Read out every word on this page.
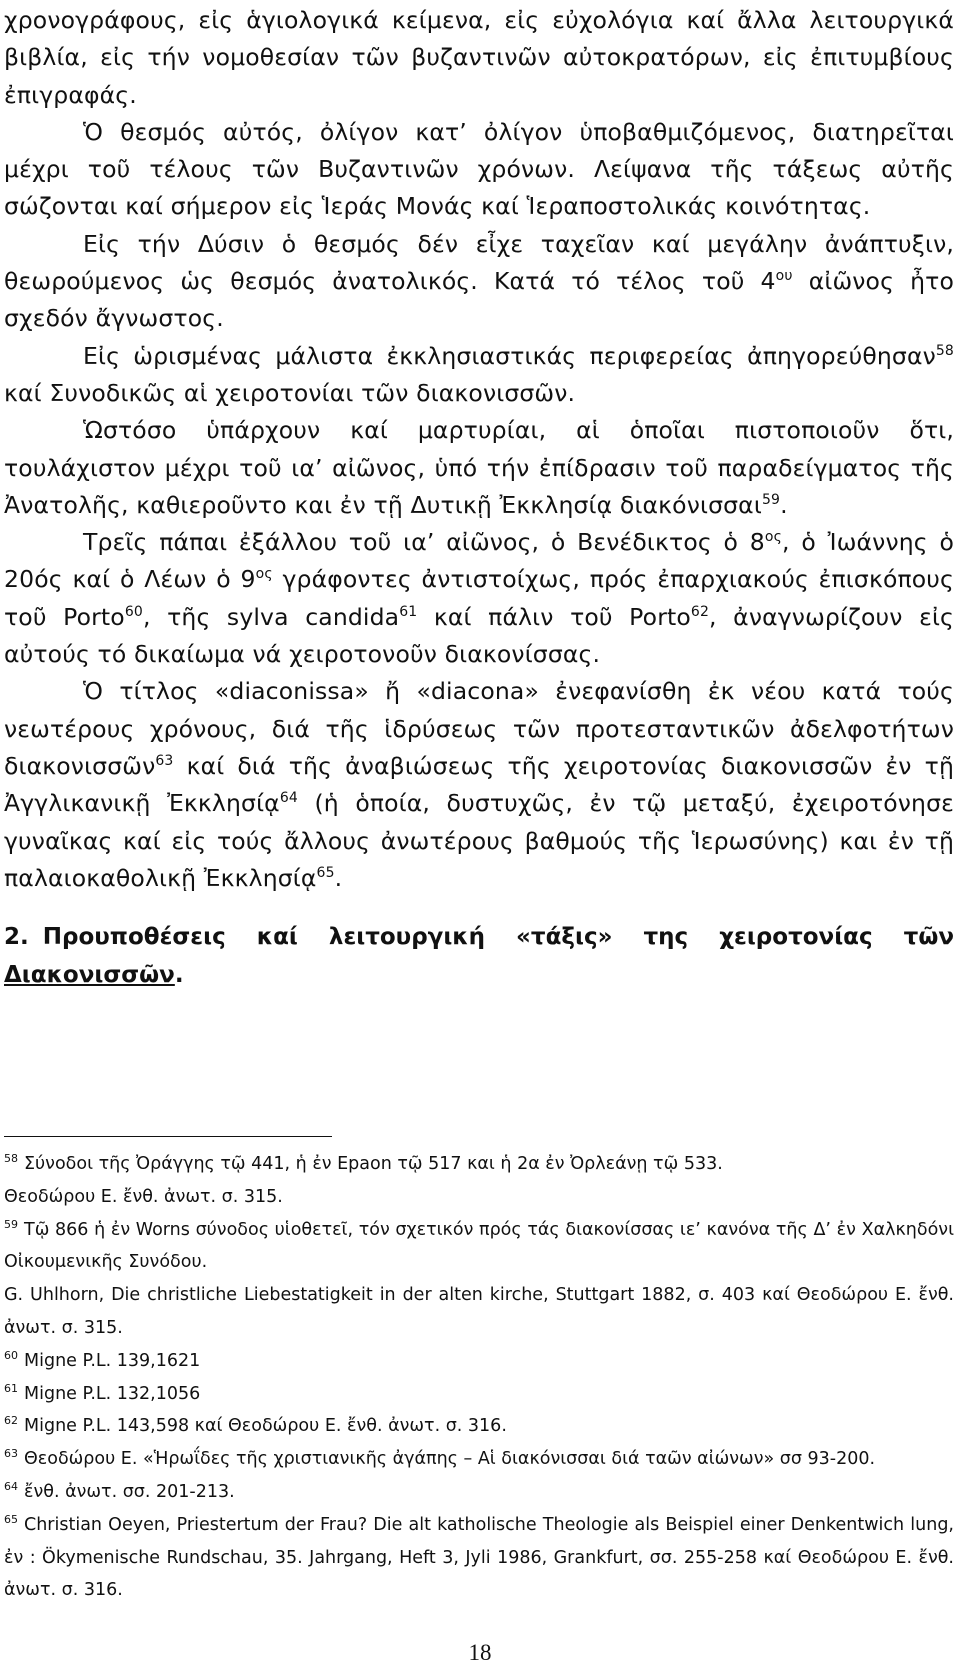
χρονογράφους, εἰς ἁγιολογικά κείμενα, εἰς εὐχολόγια καί ἄλλα λειτουργικά βιβλία, εἰς τήν νομοθεσίαν τῶν βυζαντινῶν αὐτοκρατόρων, εἰς ἐπιτυμβίους ἐπιγραφάς.

Ὁ θεσμός αὐτός, ὀλίγον κατ’ ὀλίγον ὑποβαθμιζόμενος, διατηρεῖται μέχρι τοῦ τέλους τῶν Βυζαντινῶν χρόνων. Λείψανα τῆς τάξεως αὐτῆς σώζονται καί σήμερον εἰς Ἱεράς Μονάς καί Ἱεραποστολικάς κοινότητας.

Εἰς τήν Δύσιν ὁ θεσμός δέν εἶχε ταχεῖαν καί μεγάλην ἀνάπτυξιν, θεωρούμενος ὡς θεσμός ἀνατολικός. Κατά τό τέλος τοῦ $4^{o\upsilon}$ αἰῶνος ἦτο σχεδόν ἄγνωστος.

Εἰς ὡρισμένας μάλιστα ἐκκλησιαστικάς περιφερείας ἀπηγορεύθησαν$^{58}$ καί Συνοδικῶς αἱ χειροτονίαι τῶν διακονισσῶν.

Ὡστόσο ὑπάρχουν καί μαρτυρίαι, αἱ ὁποῖαι πιστοποιοῦν ὅτι, τουλάχιστον μέχρι τοῦ ια’ αἰῶνος, ὑπό τήν ἐπίδρασιν τοῦ παραδείγματος τῆς Ἀνατολῆς, καθιεροῦντο και ἐν τῇ Δυτικῇ Ἐκκλησίᾳ διακόνισσαι$^{59}$.

Τρεῖς πάπαι ἐξάλλου τοῦ ια’ αἰῶνος, ὁ Βενέδικτος ὁ $8^{o\varsigma}$, ὁ Ἰωάννης ὁ 20ός καί ὁ Λέων ὁ $9^{o\varsigma}$ γράφοντες ἀντιστοίχως, πρός ἐπαρχιακούς ἐπισκόπους τοῦ Porto$^{60}$, τῆς sylva candida$^{61}$ καί πάλιν τοῦ Porto$^{62}$, ἀναγνωρίζουν εἰς αὐτούς τό δικαίωμα νά χειροτονοῦν διακονίσσας.

Ὁ τίτλος «diaconissa» ἤ «diacona» ἐνεφανίσθη ἐκ νέου κατά τούς νεωτέρους χρόνους, διά τῆς ἱδρύσεως τῶν προτεσταντικῶν ἀδελφοτήτων διακονισσῶν$^{63}$ καί διά τῆς ἀναβιώσεως τῆς χειροτονίας διακονισσῶν ἐν τῇ Ἀγγλικανικῇ Ἐκκλησίᾳ$^{64}$ (ἡ ὁποία, δυστυχῶς, ἐν τῷ μεταξύ, ἐχειροτόνησε γυναῖκας καί εἰς τούς ἄλλους ἀνωτέρους βαθμούς τῆς Ἱερωσύνης) και ἐν τῇ παλαιοκαθολικῇ Ἐκκλησίᾳ$^{65}$.

2. Προυποθέσεις καί λειτουργική «τάξις» της χειροτονίας τῶν Διακονισσῶν.

$^{58}$ Σύνοδοι τῆς Ὀράγγης τῷ 441, ἡ ἐν Epaon τῷ 517 και ἡ 2α ἐν Ὀρλεάνῃ τῷ 533.

Θεοδώρου Ε. ἔνθ. ἀνωτ. σ. 315.

$^{59}$ Τῷ 866 ἡ ἐν Worns σύνοδος υἱοθετεῖ, τόν σχετικόν πρός τάς διακονίσσας ιε’ κανόνα τῆς Δ’ ἐν Χαλκηδόνι Οἰκουμενικῆς Συνόδου.

G. Uhlhorn, Die christliche Liebestatigkeit in der alten kirche, Stuttgart 1882, σ. 403 καί Θεοδώρου Ε. ἔνθ. ἀνωτ. σ. 315.

$^{60}$ Migne P.L. 139,1621

$^{61}$ Migne P.L. 132,1056

$^{62}$ Migne P.L. 143,598 καί Θεοδώρου Ε. ἔνθ. ἀνωτ. σ. 316.

$^{63}$ Θεοδώρου Ε. «Ἡρωΐδες τῆς χριστιανικῆς ἀγάπης – Αἱ διακόνισσαι διά ταῶν αἰώνων» σσ 93-200.

$^{64}$ ἔνθ. ἀνωτ. σσ. 201-213.

$^{65}$ Christian Oeyen, Priestertum der Frau? Die alt katholische Theologie als Beispiel einer Denkentwich lung, ἐν : Ökymenische Rundschau, 35. Jahrgang, Heft 3, Jyli 1986, Grankfurt, σσ. 255-258 καί Θεοδώρου Ε. ἔνθ. ἀνωτ. σ. 316.

18
